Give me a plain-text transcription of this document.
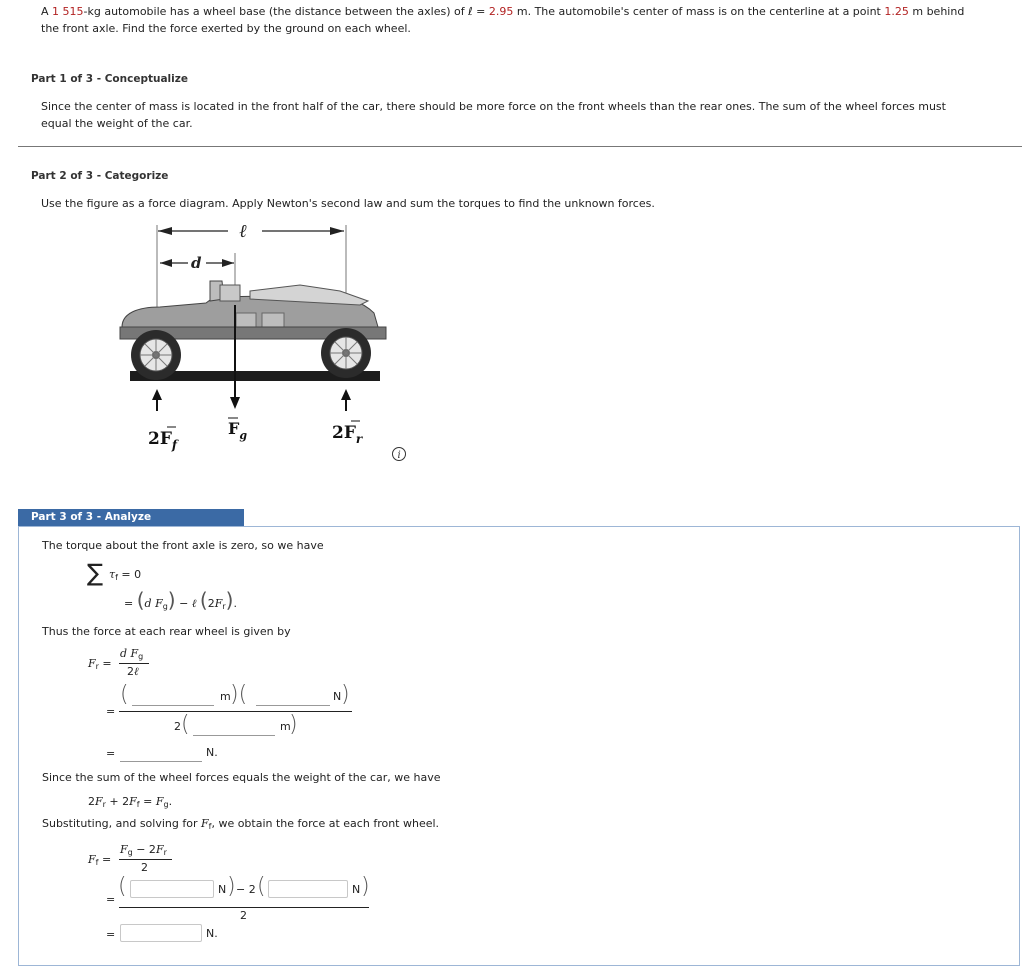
A 1 515-kg automobile has a wheel base (the distance between the axles) of ℓ = 2.95 m. The automobile's center of mass is on the centerline at a point 1.25 m behind
the front axle. Find the force exerted by the ground on each wheel.
Part 1 of 3 - Conceptualize
Since the center of mass is located in the front half of the car, there should be more force on the front wheels than the rear ones. The sum of the wheel forces must
equal the weight of the car.
Part 2 of 3 - Categorize
Use the figure as a force diagram. Apply Newton's second law and sum the torques to find the unknown forces.
ℓ
d
$2F_f$
$F_g$	$2F_r$
i
Part 3 of 3 - Analyze
The torque about the front axle is zero, so we have
∑ $\tau_f = 0$
= (d $F_g$) − ℓ $(2F_r)$.
Thus the force at each rear wheel is given by
$F_r$ =
d $F_g$
2ℓ
=
(	m )(	N )
2 (	m
)
=	N.
Since the sum of the wheel forces equals the weight of the car, we have
$2F_r + 2F_f = F_g$.
Substituting, and solving for $F_f$, we obtain the force at each front wheel.
$F_f$ =
$F_g - 2F_r$
2
=
(	N ) − 2 (	N )
2
=	N.
